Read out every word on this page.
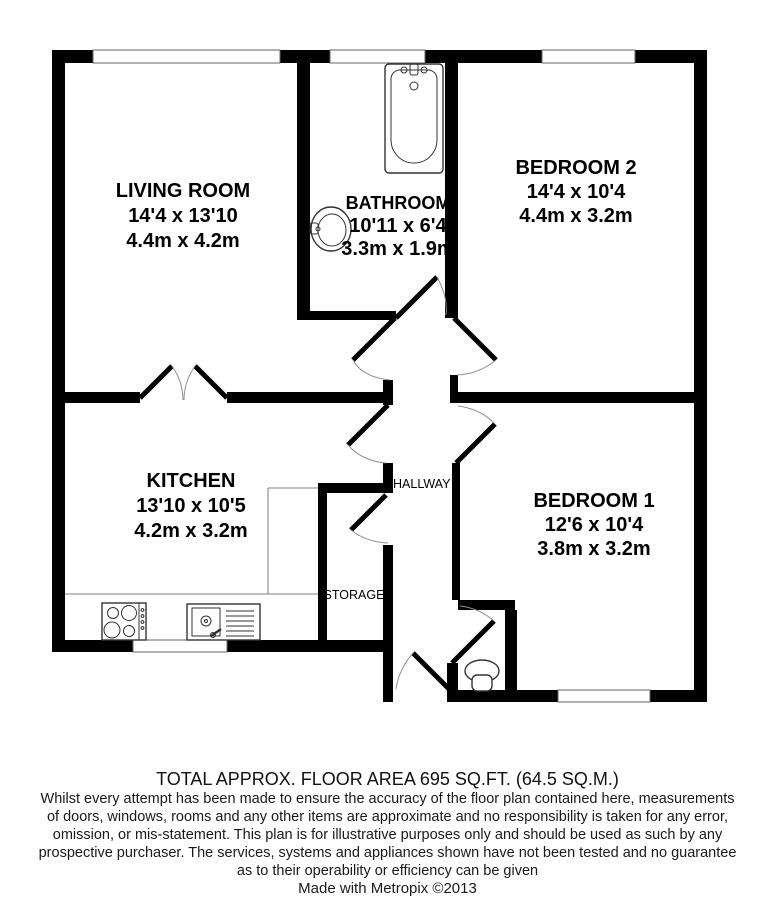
LIVING ROOM
14'4 x 13'10
4.4m x 4.2m
BATHROOM
10'11 x 6'4
3.3m x 1.9m
BEDROOM 2
14'4 x 10'4
4.4m x 3.2m
KITCHEN
13'10 x 10'5
4.2m x 3.2m
BEDROOM 1
12'6 x 10'4
3.8m x 3.2m
HALLWAY
STORAGE
TOTAL APPROX. FLOOR AREA 695 SQ.FT. (64.5 SQ.M.)
Whilst every attempt has been made to ensure the accuracy of the floor plan contained here, measurements
of doors, windows, rooms and any other items are approximate and no responsibility is taken for any error,
omission, or mis-statement. This plan is for illustrative purposes only and should be used as such by any
prospective purchaser. The services, systems and appliances shown have not been tested and no guarantee
as to their operability or efficiency can be given
Made with Metropix ©2013
